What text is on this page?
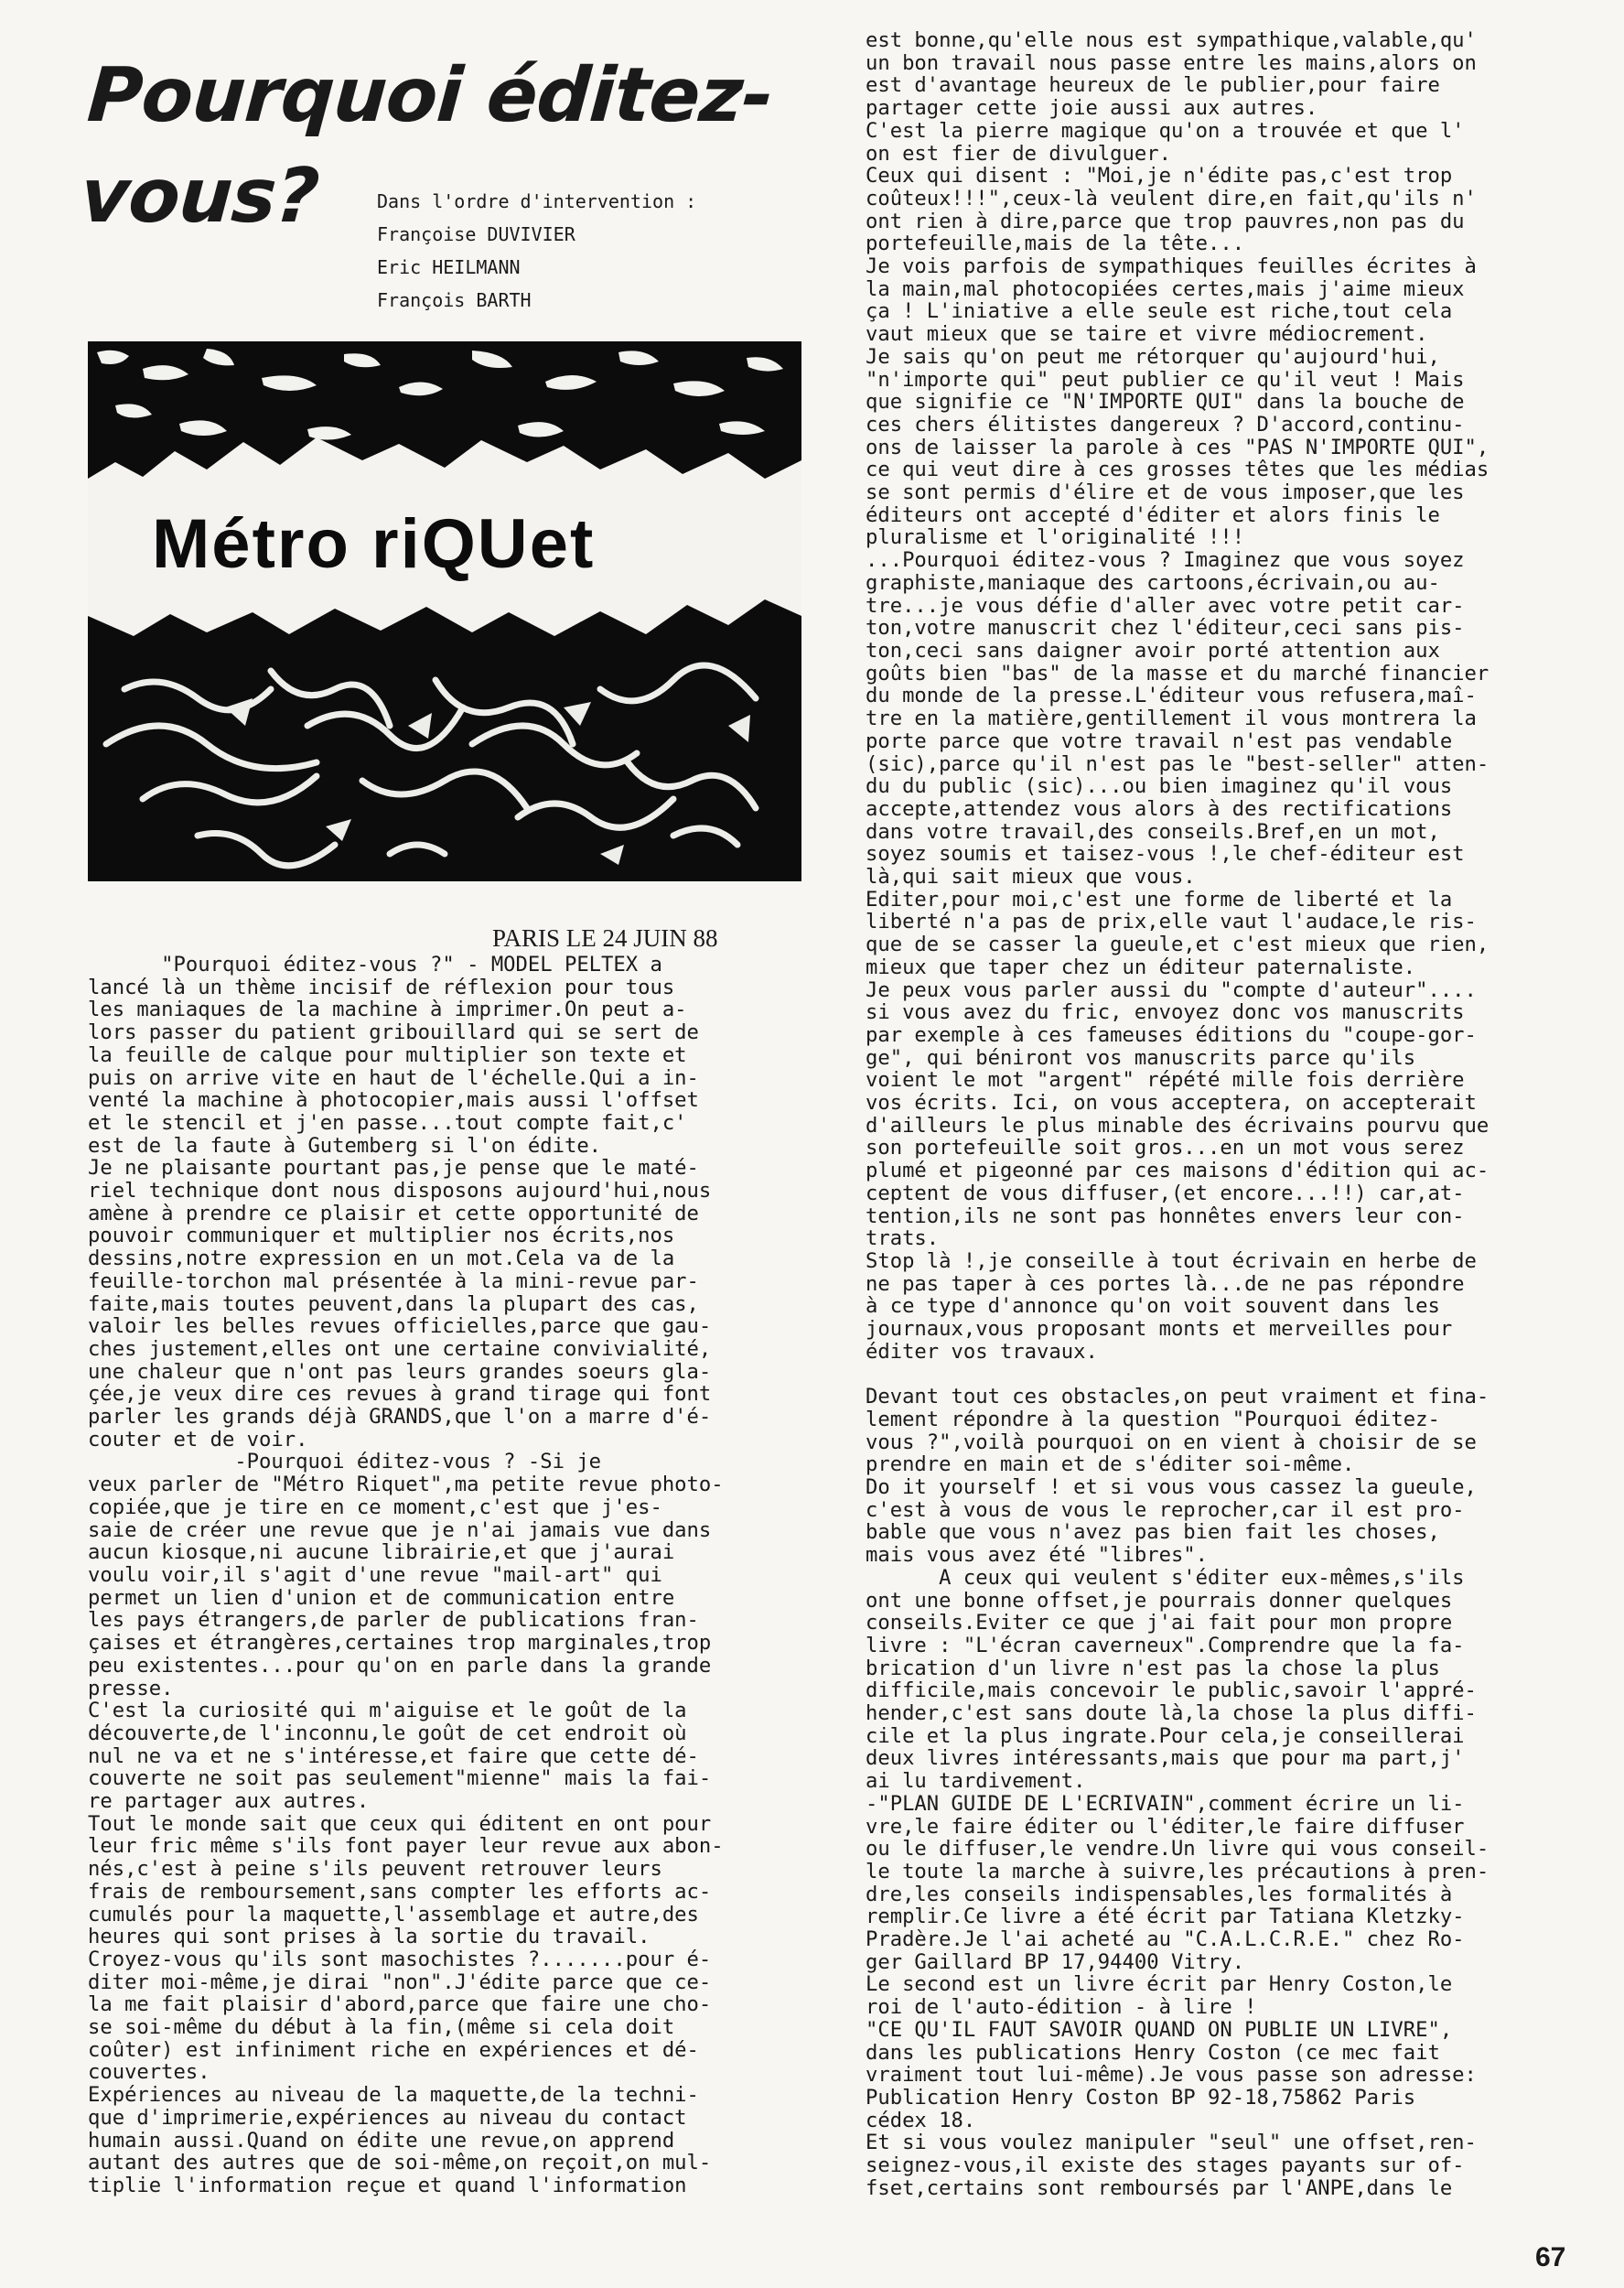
Pourquoi éditez-vous?	Dans l'ordre d'intervention :

Françoise DUVIVIER

Eric HEILMANN

François BARTH

Métro riQUet
PARIS LE 24 JUIN 88

"Pourquoi éditez-vous ?" - MODEL PELTEX a

lancé là un thème incisif de réflexion pour tous

les maniaques de la machine à imprimer.On peut a-

lors passer du patient gribouillard qui se sert de

la feuille de calque pour multiplier son texte et

puis on arrive vite en haut de l'échelle.Qui a in-

venté la machine à photocopier,mais aussi l'offset

et le stencil et j'en passe...tout compte fait,c'

est de la faute à Gutemberg si l'on édite.

Je ne plaisante pourtant pas,je pense que le maté-

riel technique dont nous disposons aujourd'hui,nous

amène à prendre ce plaisir et cette opportunité de

pouvoir communiquer et multiplier nos écrits,nos

dessins,notre expression en un mot.Cela va de la

feuille-torchon mal présentée à la mini-revue par-

faite,mais toutes peuvent,dans la plupart des cas,

valoir les belles revues officielles,parce que gau-

ches justement,elles ont une certaine convivialité,

une chaleur que n'ont pas leurs grandes soeurs gla-

çée,je veux dire ces revues à grand tirage qui font

parler les grands déjà GRANDS,que l'on a marre d'é-

couter et de voir.

-Pourquoi éditez-vous ? -Si je

veux parler de "Métro Riquet",ma petite revue photo-

copiée,que je tire en ce moment,c'est que j'es-

saie de créer une revue que je n'ai jamais vue dans

aucun kiosque,ni aucune librairie,et que j'aurai

voulu voir,il s'agit d'une revue "mail-art" qui

permet un lien d'union et de communication entre

les pays étrangers,de parler de publications fran-

çaises et étrangères,certaines trop marginales,trop

peu existentes...pour qu'on en parle dans la grande

presse.

C'est la curiosité qui m'aiguise et le goût de la

découverte,de l'inconnu,le goût de cet endroit où

nul ne va et ne s'intéresse,et faire que cette dé-

couverte ne soit pas seulement"mienne" mais la fai-

re partager aux autres.

Tout le monde sait que ceux qui éditent en ont pour

leur fric même s'ils font payer leur revue aux abon-

nés,c'est à peine s'ils peuvent retrouver leurs

frais de remboursement,sans compter les efforts ac-

cumulés pour la maquette,l'assemblage et autre,des

heures qui sont prises à la sortie du travail.

Croyez-vous qu'ils sont masochistes ?.......pour é-

diter moi-même,je dirai "non".J'édite parce que ce-

la me fait plaisir d'abord,parce que faire une cho-

se soi-même du début à la fin,(même si cela doit

coûter) est infiniment riche en expériences et dé-

couvertes.

Expériences au niveau de la maquette,de la techni-

que d'imprimerie,expériences au niveau du contact

humain aussi.Quand on édite une revue,on apprend

autant des autres que de soi-même,on reçoit,on mul-

tiplie l'information reçue et quand l'information

est bonne,qu'elle nous est sympathique,valable,qu'

un bon travail nous passe entre les mains,alors on

est d'avantage heureux de le publier,pour faire

partager cette joie aussi aux autres.

C'est la pierre magique qu'on a trouvée et que l'

on est fier de divulguer.

Ceux qui disent : "Moi,je n'édite pas,c'est trop

coûteux!!!",ceux-là veulent dire,en fait,qu'ils n'

ont rien à dire,parce que trop pauvres,non pas du

portefeuille,mais de la tête...

Je vois parfois de sympathiques feuilles écrites à

la main,mal photocopiées certes,mais j'aime mieux

ça ! L'iniative a elle seule est riche,tout cela

vaut mieux que se taire et vivre médiocrement.

Je sais qu'on peut me rétorquer qu'aujourd'hui,

"n'importe qui" peut publier ce qu'il veut ! Mais

que signifie ce "N'IMPORTE QUI" dans la bouche de

ces chers élitistes dangereux ? D'accord,continu-

ons de laisser la parole à ces "PAS N'IMPORTE QUI",

ce qui veut dire à ces grosses têtes que les médias

se sont permis d'élire et de vous imposer,que les

éditeurs ont accepté d'éditer et alors finis le

pluralisme et l'originalité !!!

...Pourquoi éditez-vous ? Imaginez que vous soyez

graphiste,maniaque des cartoons,écrivain,ou au-

tre...je vous défie d'aller avec votre petit car-

ton,votre manuscrit chez l'éditeur,ceci sans pis-

ton,ceci sans daigner avoir porté attention aux

goûts bien "bas" de la masse et du marché financier

du monde de la presse.L'éditeur vous refusera,maî-

tre en la matière,gentillement il vous montrera la

porte parce que votre travail n'est pas vendable

(sic),parce qu'il n'est pas le "best-seller" atten-

du du public (sic)...ou bien imaginez qu'il vous

accepte,attendez vous alors à des rectifications

dans votre travail,des conseils.Bref,en un mot,

soyez soumis et taisez-vous !,le chef-éditeur est

là,qui sait mieux que vous.

Editer,pour moi,c'est une forme de liberté et la

liberté n'a pas de prix,elle vaut l'audace,le ris-

que de se casser la gueule,et c'est mieux que rien,

mieux que taper chez un éditeur paternaliste.

Je peux vous parler aussi du "compte d'auteur"....

si vous avez du fric, envoyez donc vos manuscrits

par exemple à ces fameuses éditions du "coupe-gor-

ge", qui béniront vos manuscrits parce qu'ils

voient le mot "argent" répété mille fois derrière

vos écrits. Ici, on vous acceptera, on accepterait

d'ailleurs le plus minable des écrivains pourvu que

son portefeuille soit gros...en un mot vous serez

plumé et pigeonné par ces maisons d'édition qui ac-

ceptent de vous diffuser,(et encore...!!) car,at-

tention,ils ne sont pas honnêtes envers leur con-

trats.

Stop là !,je conseille à tout écrivain en herbe de

ne pas taper à ces portes là...de ne pas répondre

à ce type d'annonce qu'on voit souvent dans les

journaux,vous proposant monts et merveilles pour

éditer vos travaux.

Devant tout ces obstacles,on peut vraiment et fina-

lement répondre à la question "Pourquoi éditez-

vous ?",voilà pourquoi on en vient à choisir de se

prendre en main et de s'éditer soi-même.

Do it yourself ! et si vous vous cassez la gueule,

c'est à vous de vous le reprocher,car il est pro-

bable que vous n'avez pas bien fait les choses,

mais vous avez été "libres".

A ceux qui veulent s'éditer eux-mêmes,s'ils

ont une bonne offset,je pourrais donner quelques

conseils.Eviter ce que j'ai fait pour mon propre

livre : "L'écran caverneux".Comprendre que la fa-

brication d'un livre n'est pas la chose la plus

difficile,mais concevoir le public,savoir l'appré-

hender,c'est sans doute là,la chose la plus diffi-

cile et la plus ingrate.Pour cela,je conseillerai

deux livres intéressants,mais que pour ma part,j'

ai lu tardivement.

-"PLAN GUIDE DE L'ECRIVAIN",comment écrire un li-

vre,le faire éditer ou l'éditer,le faire diffuser

ou le diffuser,le vendre.Un livre qui vous conseil-

le toute la marche à suivre,les précautions à pren-

dre,les conseils indispensables,les formalités à

remplir.Ce livre a été écrit par Tatiana Kletzky-

Pradère.Je l'ai acheté au "C.A.L.C.R.E." chez Ro-

ger Gaillard BP 17,94400 Vitry.

Le second est un livre écrit par Henry Coston,le

roi de l'auto-édition - à lire !

"CE QU'IL FAUT SAVOIR QUAND ON PUBLIE UN LIVRE",

dans les publications Henry Coston (ce mec fait

vraiment tout lui-même).Je vous passe son adresse:

Publication Henry Coston BP 92-18,75862 Paris

cédex 18.

Et si vous voulez manipuler "seul" une offset,ren-

seignez-vous,il existe des stages payants sur of-

fset,certains sont remboursés par l'ANPE,dans le

67
